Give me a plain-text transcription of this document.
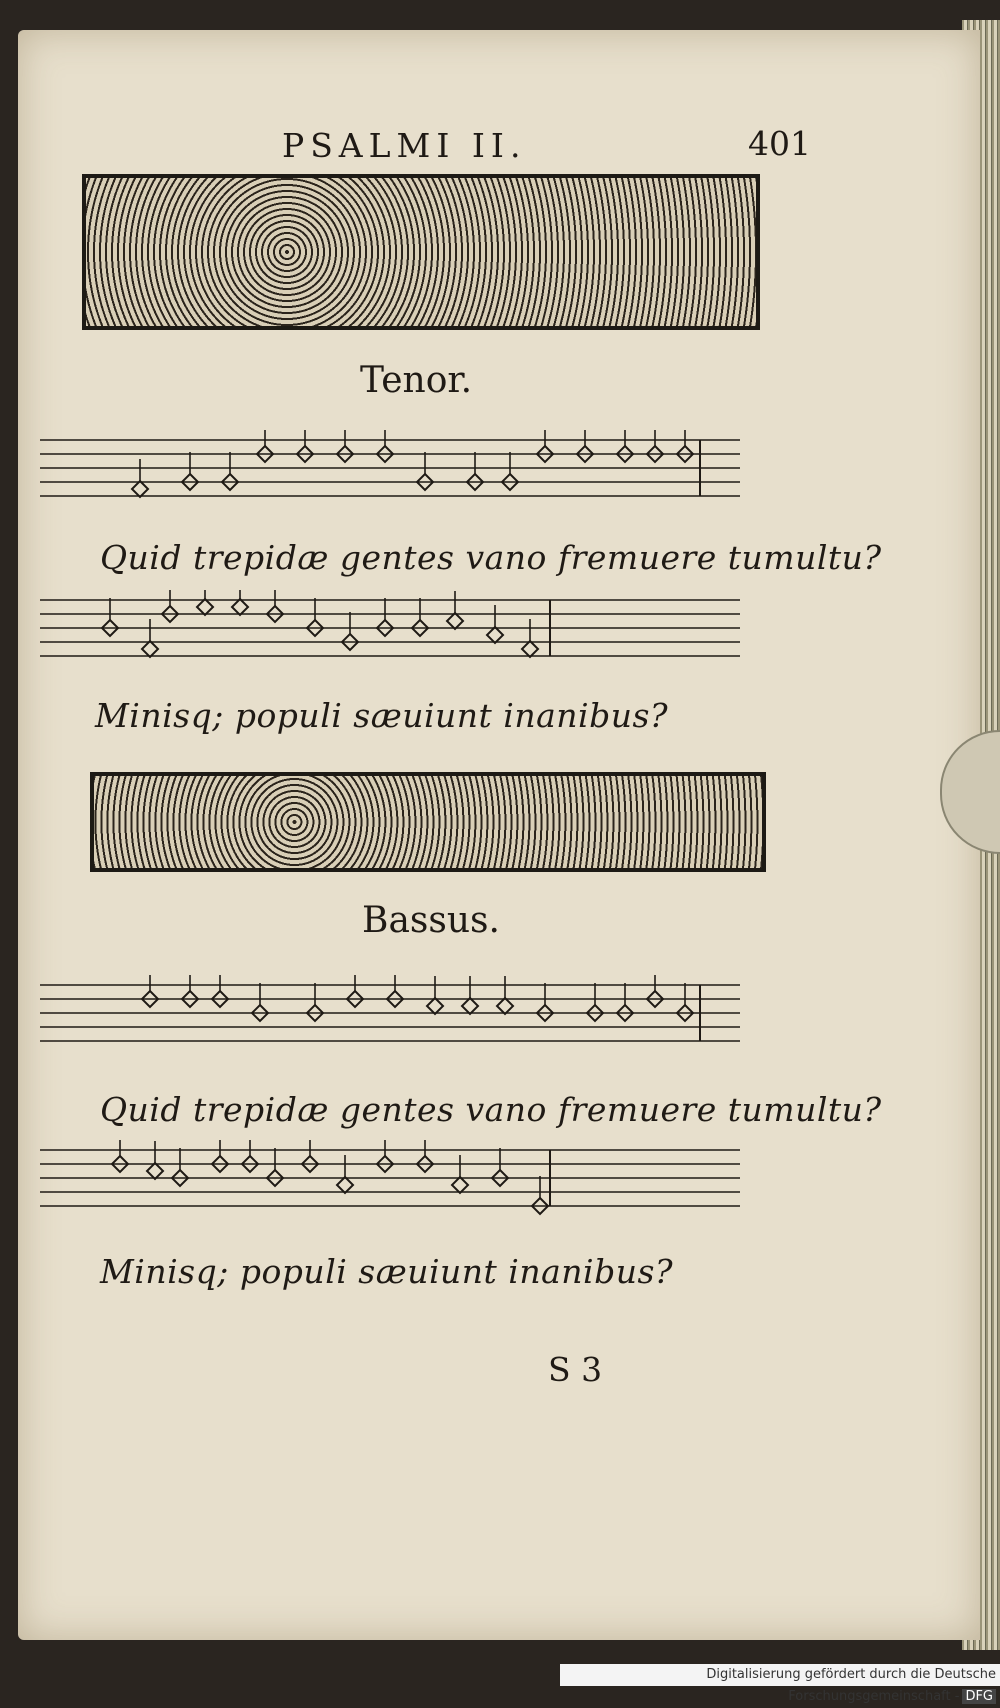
PSALMI II.	401

Tenor.

Quid trepidæ gentes vano fremuere tumultu?

Minisq; populi sæuiunt inanibus?

Bassus.

Quid trepidæ gentes vano fremuere tumultu?

Minisq; populi sæuiunt inanibus?

S 3

Digitalisierung gefördert durch die Deutsche Forschungsgemeinschaft - DFG
